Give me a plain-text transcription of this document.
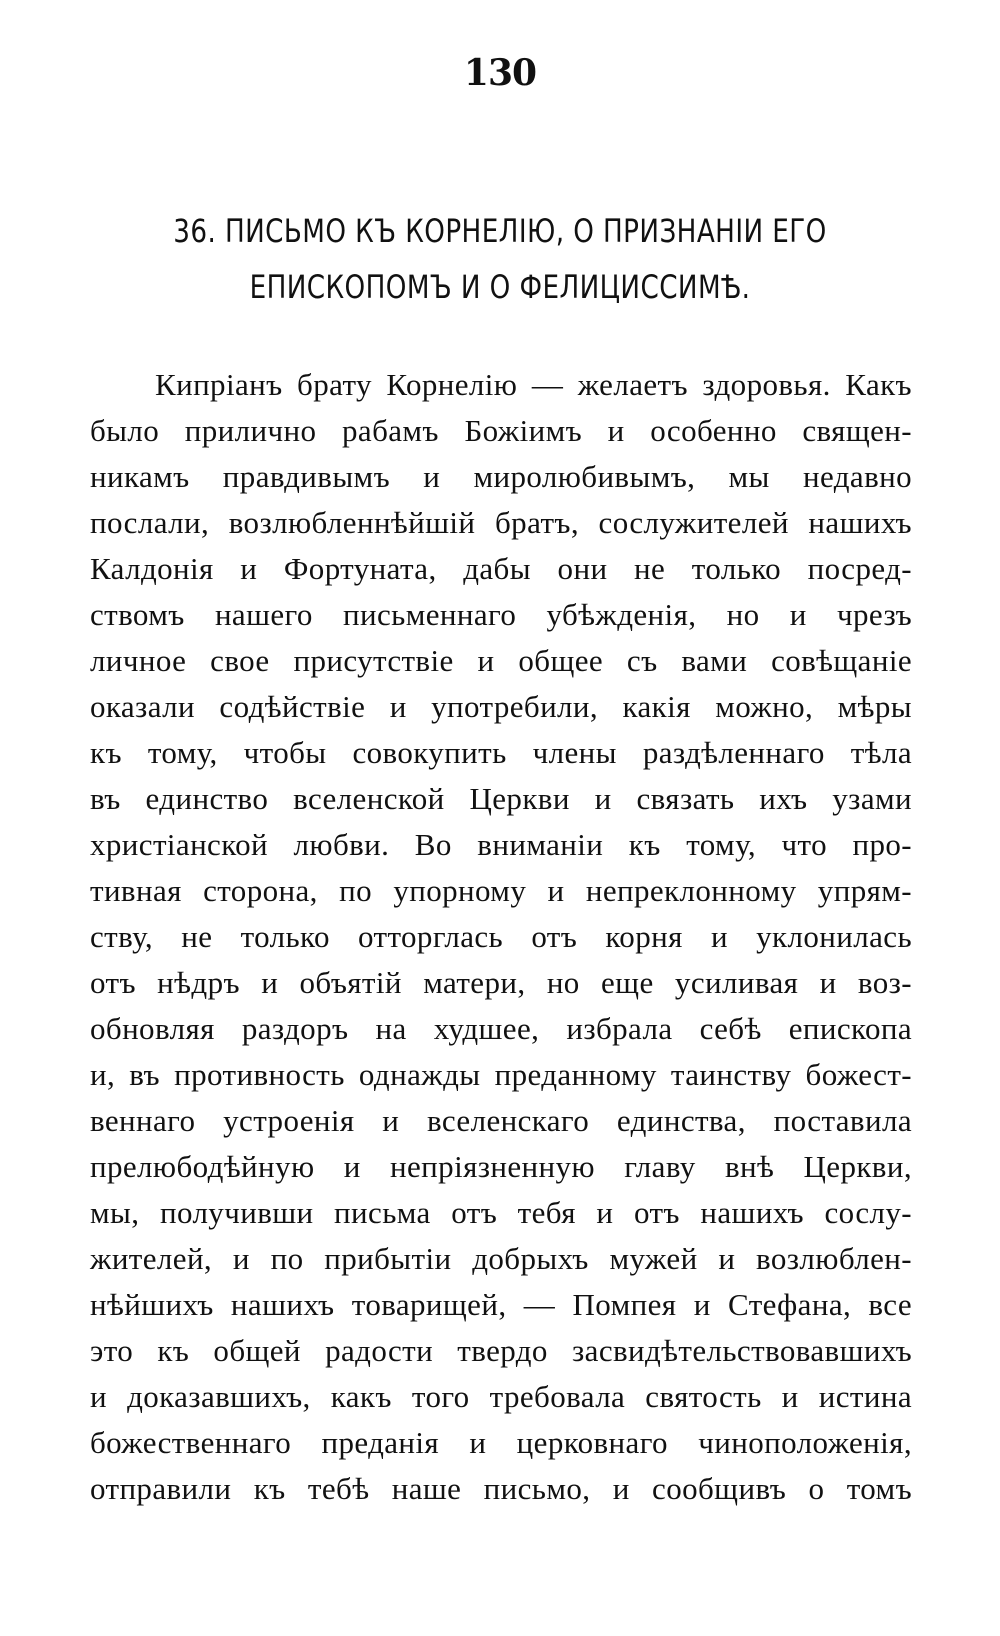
130
36. ПИСЬМО КЪ КОРНЕЛІЮ, О ПРИЗНАНІИ ЕГО
ЕПИСКОПОМЪ И О ФЕЛИЦИССИМѢ.
Кипріанъ брату Корнелію — желаетъ здоровья. Какъ
было прилично рабамъ Божіимъ и особенно священ-
никамъ правдивымъ и миролюбивымъ, мы недавно
послали, возлюбленнѣйшій братъ, сослужителей нашихъ
Калдонія и Фортуната, дабы они не только посред-
ствомъ нашего письменнаго убѣжденія, но и чрезъ
личное свое присутствіе и общее съ вами совѣщаніе
оказали содѣйствіе и употребили, какія можно, мѣры
къ тому, чтобы совокупить члены раздѣленнаго тѣла
въ единство вселенской Церкви и связать ихъ узами
христіанской любви. Во вниманіи къ тому, что про-
тивная сторона, по упорному и непреклонному упрям-
ству, не только отторглась отъ корня и уклонилась
отъ нѣдръ и объятій матери, но еще усиливая и воз-
обновляя раздоръ на худшее, избрала себѣ епископа
и, въ противность однажды преданному таинству божест-
веннаго устроенія и вселенскаго единства, поставила
прелюбодѣйную и непріязненную главу внѣ Церкви,
мы, получивши письма отъ тебя и отъ нашихъ сослу-
жителей, и по прибытіи добрыхъ мужей и возлюблен-
нѣйшихъ нашихъ товарищей, — Помпея и Стефана, все
это къ общей радости твердо засвидѣтельствовавшихъ
и доказавшихъ, какъ того требовала святость и истина
божественнаго преданія и церковнаго чиноположенія,
отправили къ тебѣ наше письмо, и сообщивъ о томъ
